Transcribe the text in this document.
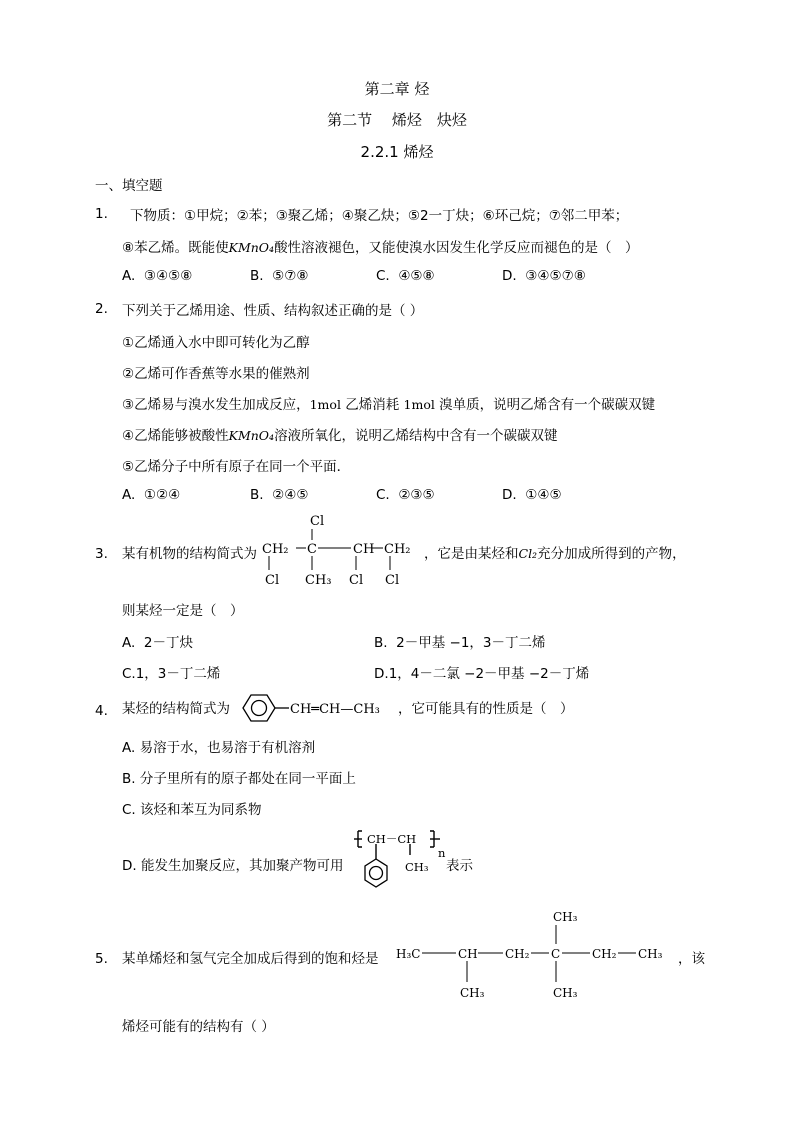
第二章 烃
第二节　 烯烃　炔烃
2.2.1 烯烃
一、填空题
1. 下物质：①甲烷；②苯；③聚乙烯；④聚乙炔；⑤2一丁炔；⑥环己烷；⑦邻二甲苯；
⑧苯乙烯。既能使KMnO₄酸性溶液褪色，又能使溴水因发生化学反应而褪色的是（　）
A. ③④⑤⑧	B. ⑤⑦⑧	C. ④⑤⑧	D. ③④⑤⑦⑧
2. 下列关于乙烯用途、性质、结构叙述正确的是（ ）
①乙烯通入水中即可转化为乙醇
②乙烯可作香蕉等水果的催熟剂
③乙烯易与溴水发生加成反应，1mol 乙烯消耗 1mol 溴单质，说明乙烯含有一个碳碳双键
④乙烯能够被酸性KMnO₄溶液所氧化，说明乙烯结构中含有一个碳碳双键
⑤乙烯分子中所有原子在同一个平面．
A. ①②④	B. ②④⑤	C. ②③⑤	D. ①④⑤
3. 某有机物的结构简式为
Cl
CH₂ C	CH CH₂
Cl CH₃ Cl Cl
，它是由某烃和Cl₂充分加成所得到的产物，
则某烃一定是（　）
A. 2－丁炔	B. 2－甲基 −1，3－丁二烯
C.1，3－丁二烯	D.1，4－二氯 −2－甲基 −2－丁烯
4. 某烃的结构简式为	CH═CH—CH₃ ，它可能具有的性质是（　）
A. 易溶于水，也易溶于有机溶剂
B. 分子里所有的原子都处在同一平面上
C. 该烃和苯互为同系物
D. 能发生加聚反应，其加聚产物可用
CH－CH
n
CH₃ 表示
5. 某单烯烃和氢气完全加成后得到的饱和烃是 H₃C	CH CH₂ C	CH₂ CH₃
CH₃
CH₃	CH₃
，该
烯烃可能有的结构有（ ）
